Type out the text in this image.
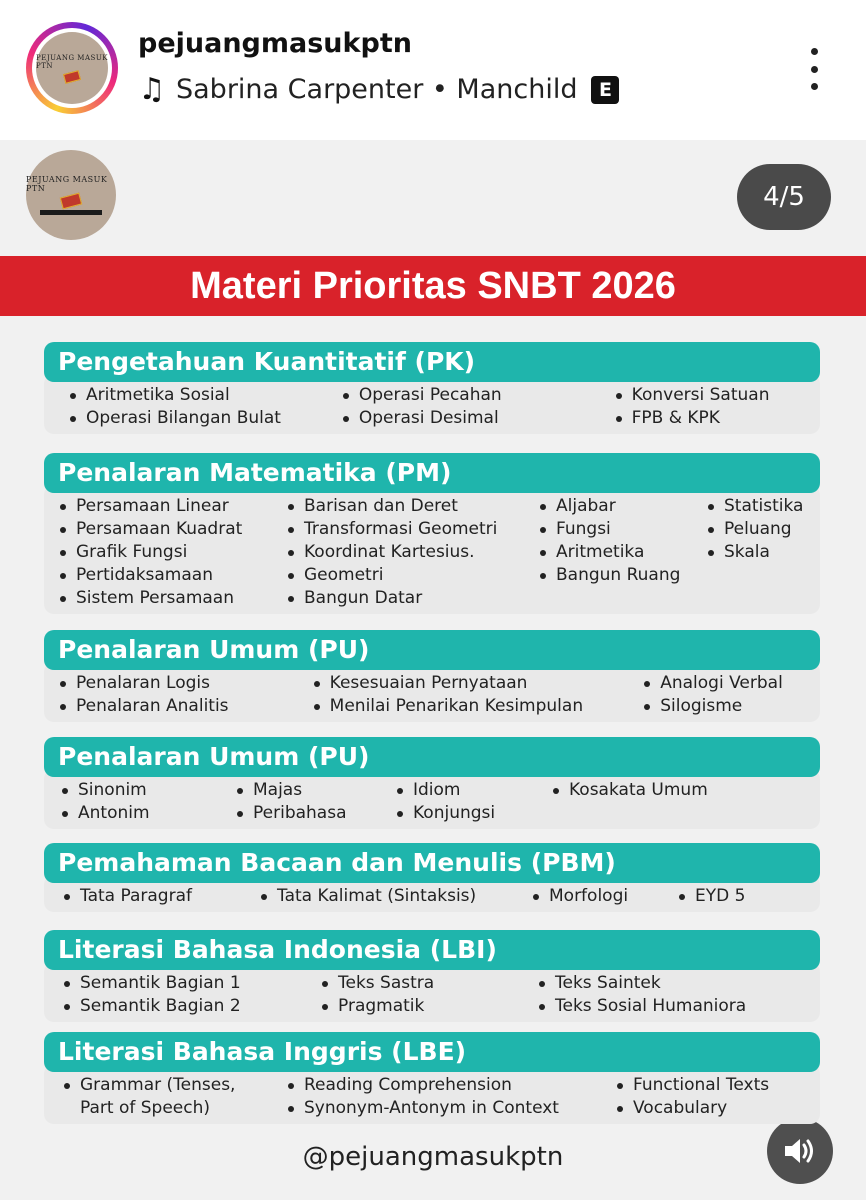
PEJUANG MASUK PTN
pejuangmasukptn
♫ Sabrina Carpenter • Manchild	E
PEJUANG MASUK PTN	4/5
Materi Prioritas SNBT 2026
Pengetahuan Kuantitatif (PK)
Aritmetika Sosial
Operasi Bilangan Bulat
Operasi Pecahan
Operasi Desimal
Konversi Satuan
FPB & KPK
Penalaran Matematika (PM)
Persamaan Linear
Persamaan Kuadrat
Grafik Fungsi
Pertidaksamaan
Sistem Persamaan
Barisan dan Deret
Transformasi Geometri
Koordinat Kartesius.
Geometri
Bangun Datar
Aljabar
Fungsi
Aritmetika
Bangun Ruang
Statistika
Peluang
Skala
Penalaran Umum (PU)
Penalaran Logis
Penalaran Analitis
Kesesuaian Pernyataan
Menilai Penarikan Kesimpulan
Analogi Verbal
Silogisme
Penalaran Umum (PU)
Sinonim
Antonim
Majas
Peribahasa
Idiom
Konjungsi
Kosakata Umum
Pemahaman Bacaan dan Menulis (PBM)
Tata Paragraf	Tata Kalimat (Sintaksis)	Morfologi	EYD 5
Literasi Bahasa Indonesia (LBI)
Semantik Bagian 1
Semantik Bagian 2
Teks Sastra
Pragmatik
Teks Saintek
Teks Sosial Humaniora
Literasi Bahasa Inggris (LBE)
Grammar (Tenses,
Part of Speech)
Reading Comprehension
Synonym-Antonym in Context
Functional Texts
Vocabulary
@pejuangmasukptn
